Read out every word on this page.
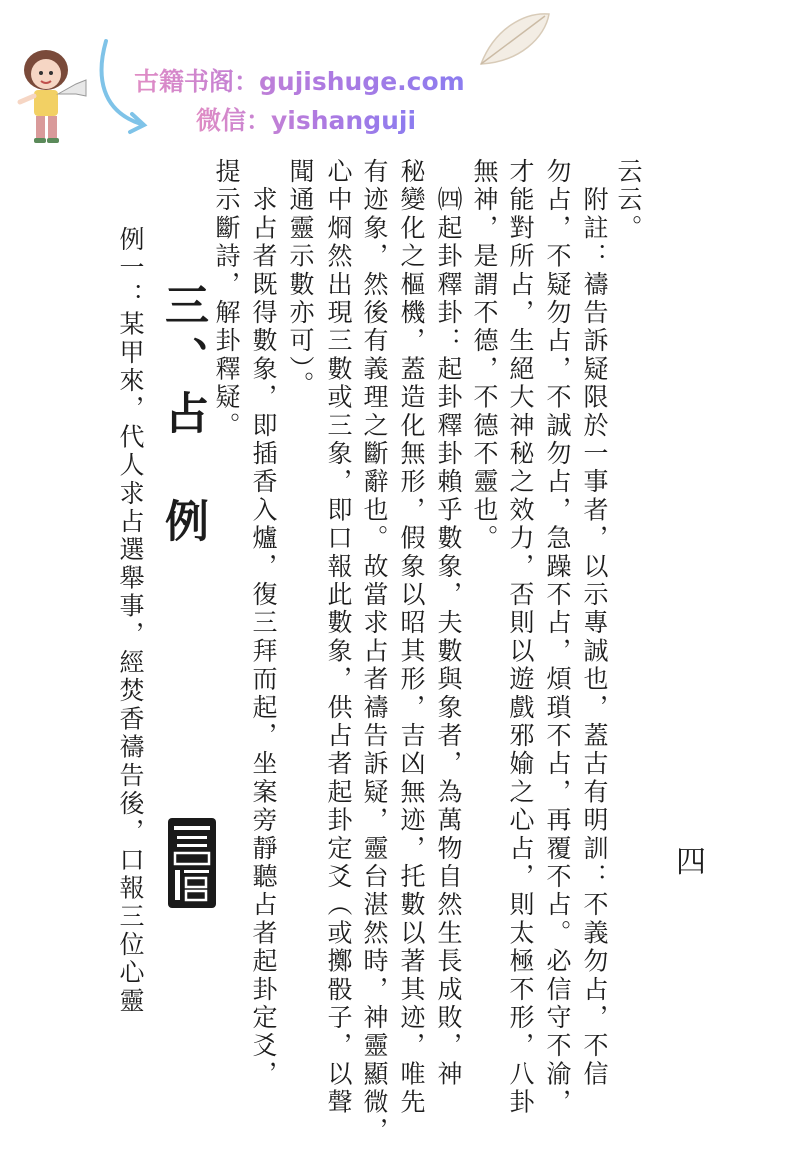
古籍书阁：gujishuge.com
微信：yishanguji
云云。
　附註：禱告訴疑限於一事者，以示專誠也，蓋古有明訓：不義勿占，不信
勿占，不疑勿占，不誠勿占，急躁不占，煩瑣不占，再覆不占。必信守不渝，
才能對所占，生絕大神秘之效力，否則以遊戲邪媮之心占，則太極不形，八卦
無神，是謂不德，不德不靈也。
　㈣起卦釋卦：起卦釋卦賴乎數象，夫數與象者，為萬物自然生長成敗，神
秘變化之樞機，蓋造化無形，假象以昭其形，吉凶無迹，托數以著其迹，唯先
有迹象，然後有義理之斷辭也。故當求占者禱告訴疑，靈台湛然時，神靈顯微，
心中烱然出現三數或三象，即口報此數象，供占者起卦定爻（或擲骰子，以聲
聞通靈示數亦可）。
　求占者既得數象，即插香入爐，復三拜而起，坐案旁靜聽占者起卦定爻，
提示斷詩，解卦釋疑。
三、占　例
例一：某甲來，代人求占選舉事，經焚香禱告後，口報三位心靈	四
